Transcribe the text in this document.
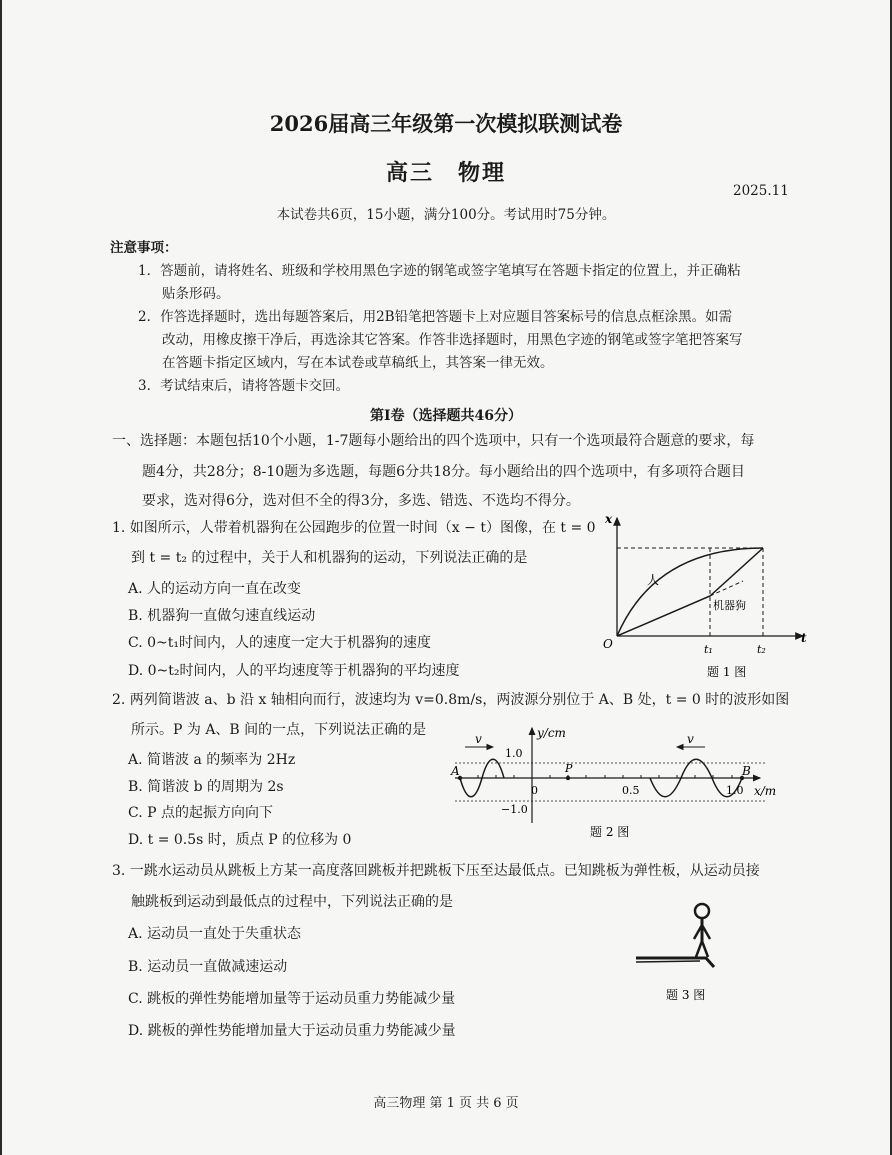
2026届高三年级第一次模拟联测试卷
高三　物理
2025.11
本试卷共6页，15小题，满分100分。考试用时75分钟。
注意事项：
1．答题前，请将姓名、班级和学校用黑色字迹的钢笔或签字笔填写在答题卡指定的位置上，并正确粘
贴条形码。
2．作答选择题时，选出每题答案后，用2B铅笔把答题卡上对应题目答案标号的信息点框涂黑。如需
改动，用橡皮擦干净后，再选涂其它答案。作答非选择题时，用黑色字迹的钢笔或签字笔把答案写
在答题卡指定区域内，写在本试卷或草稿纸上，其答案一律无效。
3．考试结束后，请将答题卡交回。
第Ⅰ卷（选择题共46分）
一、选择题：本题包括10个小题，1-7题每小题给出的四个选项中，只有一个选项最符合题意的要求，每
题4分，共28分；8-10题为多选题，每题6分共18分。每小题给出的四个选项中，有多项符合题目
要求，选对得6分，选对但不全的得3分，多选、错选、不选均不得分。
1. 如图所示，人带着机器狗在公园跑步的位置一时间（x − t）图像，在 t = 0
到 t = t₂ 的过程中，关于人和机器狗的运动，下列说法正确的是
A. 人的运动方向一直在改变
B. 机器狗一直做匀速直线运动
C. 0~t₁时间内，人的速度一定大于机器狗的速度
D. 0~t₂时间内，人的平均速度等于机器狗的平均速度
x
t
O	t₁	t₂
人
机器狗
题 1 图
2. 两列简谐波 a、b 沿 x 轴相向而行，波速均为 v=0.8m/s，两波源分别位于 A、B 处，t = 0 时的波形如图
所示。P 为 A、B 间的一点，下列说法正确的是
A. 简谐波 a 的频率为 2Hz
B. 简谐波 b 的周期为 2s
C. P 点的起振方向向下
D. t = 0.5s 时，质点 P 的位移为 0
v	v
y/cm
x/m
1.0
−1.0
0	0.5	1.0
A	B
P
题 2 图
3. 一跳水运动员从跳板上方某一高度落回跳板并把跳板下压至达最低点。已知跳板为弹性板，从运动员接
触跳板到运动到最低点的过程中，下列说法正确的是
A. 运动员一直处于失重状态
B. 运动员一直做减速运动
C. 跳板的弹性势能增加量等于运动员重力势能减少量
D. 跳板的弹性势能增加量大于运动员重力势能减少量
题 3 图
高三物理 第 1 页 共 6 页
